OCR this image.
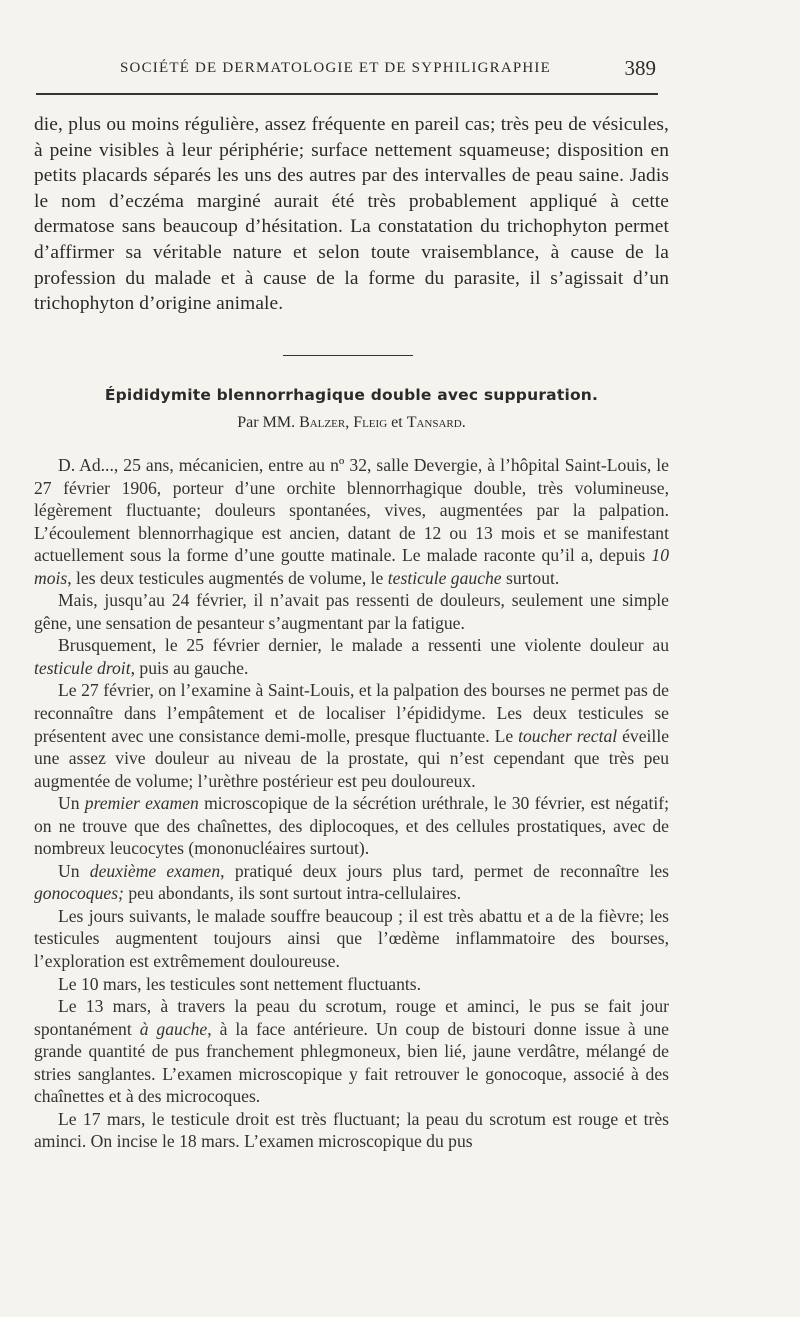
SOCIÉTÉ DE DERMATOLOGIE ET DE SYPHILIGRAPHIE	389

die, plus ou moins régulière, assez fréquente en pareil cas; très peu de vésicules, à peine visibles à leur périphérie; surface nettement squameuse; disposition en petits placards séparés les uns des autres par des intervalles de peau saine. Jadis le nom d’eczéma marginé aurait été très probablement appliqué à cette dermatose sans beaucoup d’hésitation. La constatation du trichophyton permet d’affirmer sa véritable nature et selon toute vraisemblance, à cause de la profession du malade et à cause de la forme du parasite, il s’agissait d’un trichophyton d’origine animale.

Épididymite blennorrhagique double avec suppuration.
Par MM. Balzer, Fleig et Tansard.

D. Ad..., 25 ans, mécanicien, entre au nº 32, salle Devergie, à l’hôpital Saint-Louis, le 27 février 1906, porteur d’une orchite blennorrhagique double, très volumineuse, légèrement fluctuante; douleurs spontanées, vives, augmentées par la palpation. L’écoulement blennorrhagique est ancien, datant de 12 ou 13 mois et se manifestant actuellement sous la forme d’une goutte matinale. Le malade raconte qu’il a, depuis 10 mois, les deux testicules augmentés de volume, le testicule gauche surtout.

Mais, jusqu’au 24 février, il n’avait pas ressenti de douleurs, seulement une simple gêne, une sensation de pesanteur s’augmentant par la fatigue.

Brusquement, le 25 février dernier, le malade a ressenti une violente douleur au testicule droit, puis au gauche.

Le 27 février, on l’examine à Saint-Louis, et la palpation des bourses ne permet pas de reconnaître dans l’empâtement et de localiser l’épididyme. Les deux testicules se présentent avec une consistance demi-molle, presque fluctuante. Le toucher rectal éveille une assez vive douleur au niveau de la prostate, qui n’est cependant que très peu augmentée de volume; l’urèthre postérieur est peu douloureux.

Un premier examen microscopique de la sécrétion uréthrale, le 30 février, est négatif; on ne trouve que des chaînettes, des diplocoques, et des cellules prostatiques, avec de nombreux leucocytes (mononucléaires surtout).

Un deuxième examen, pratiqué deux jours plus tard, permet de reconnaître les gonocoques; peu abondants, ils sont surtout intra-cellulaires.

Les jours suivants, le malade souffre beaucoup ; il est très abattu et a de la fièvre; les testicules augmentent toujours ainsi que l’œdème inflammatoire des bourses, l’exploration est extrêmement douloureuse.

Le 10 mars, les testicules sont nettement fluctuants.

Le 13 mars, à travers la peau du scrotum, rouge et aminci, le pus se fait jour spontanément à gauche, à la face antérieure. Un coup de bistouri donne issue à une grande quantité de pus franchement phlegmoneux, bien lié, jaune verdâtre, mélangé de stries sanglantes. L’examen microscopique y fait retrouver le gonocoque, associé à des chaînettes et à des microcoques.

Le 17 mars, le testicule droit est très fluctuant; la peau du scrotum est rouge et très aminci. On incise le 18 mars. L’examen microscopique du pus
